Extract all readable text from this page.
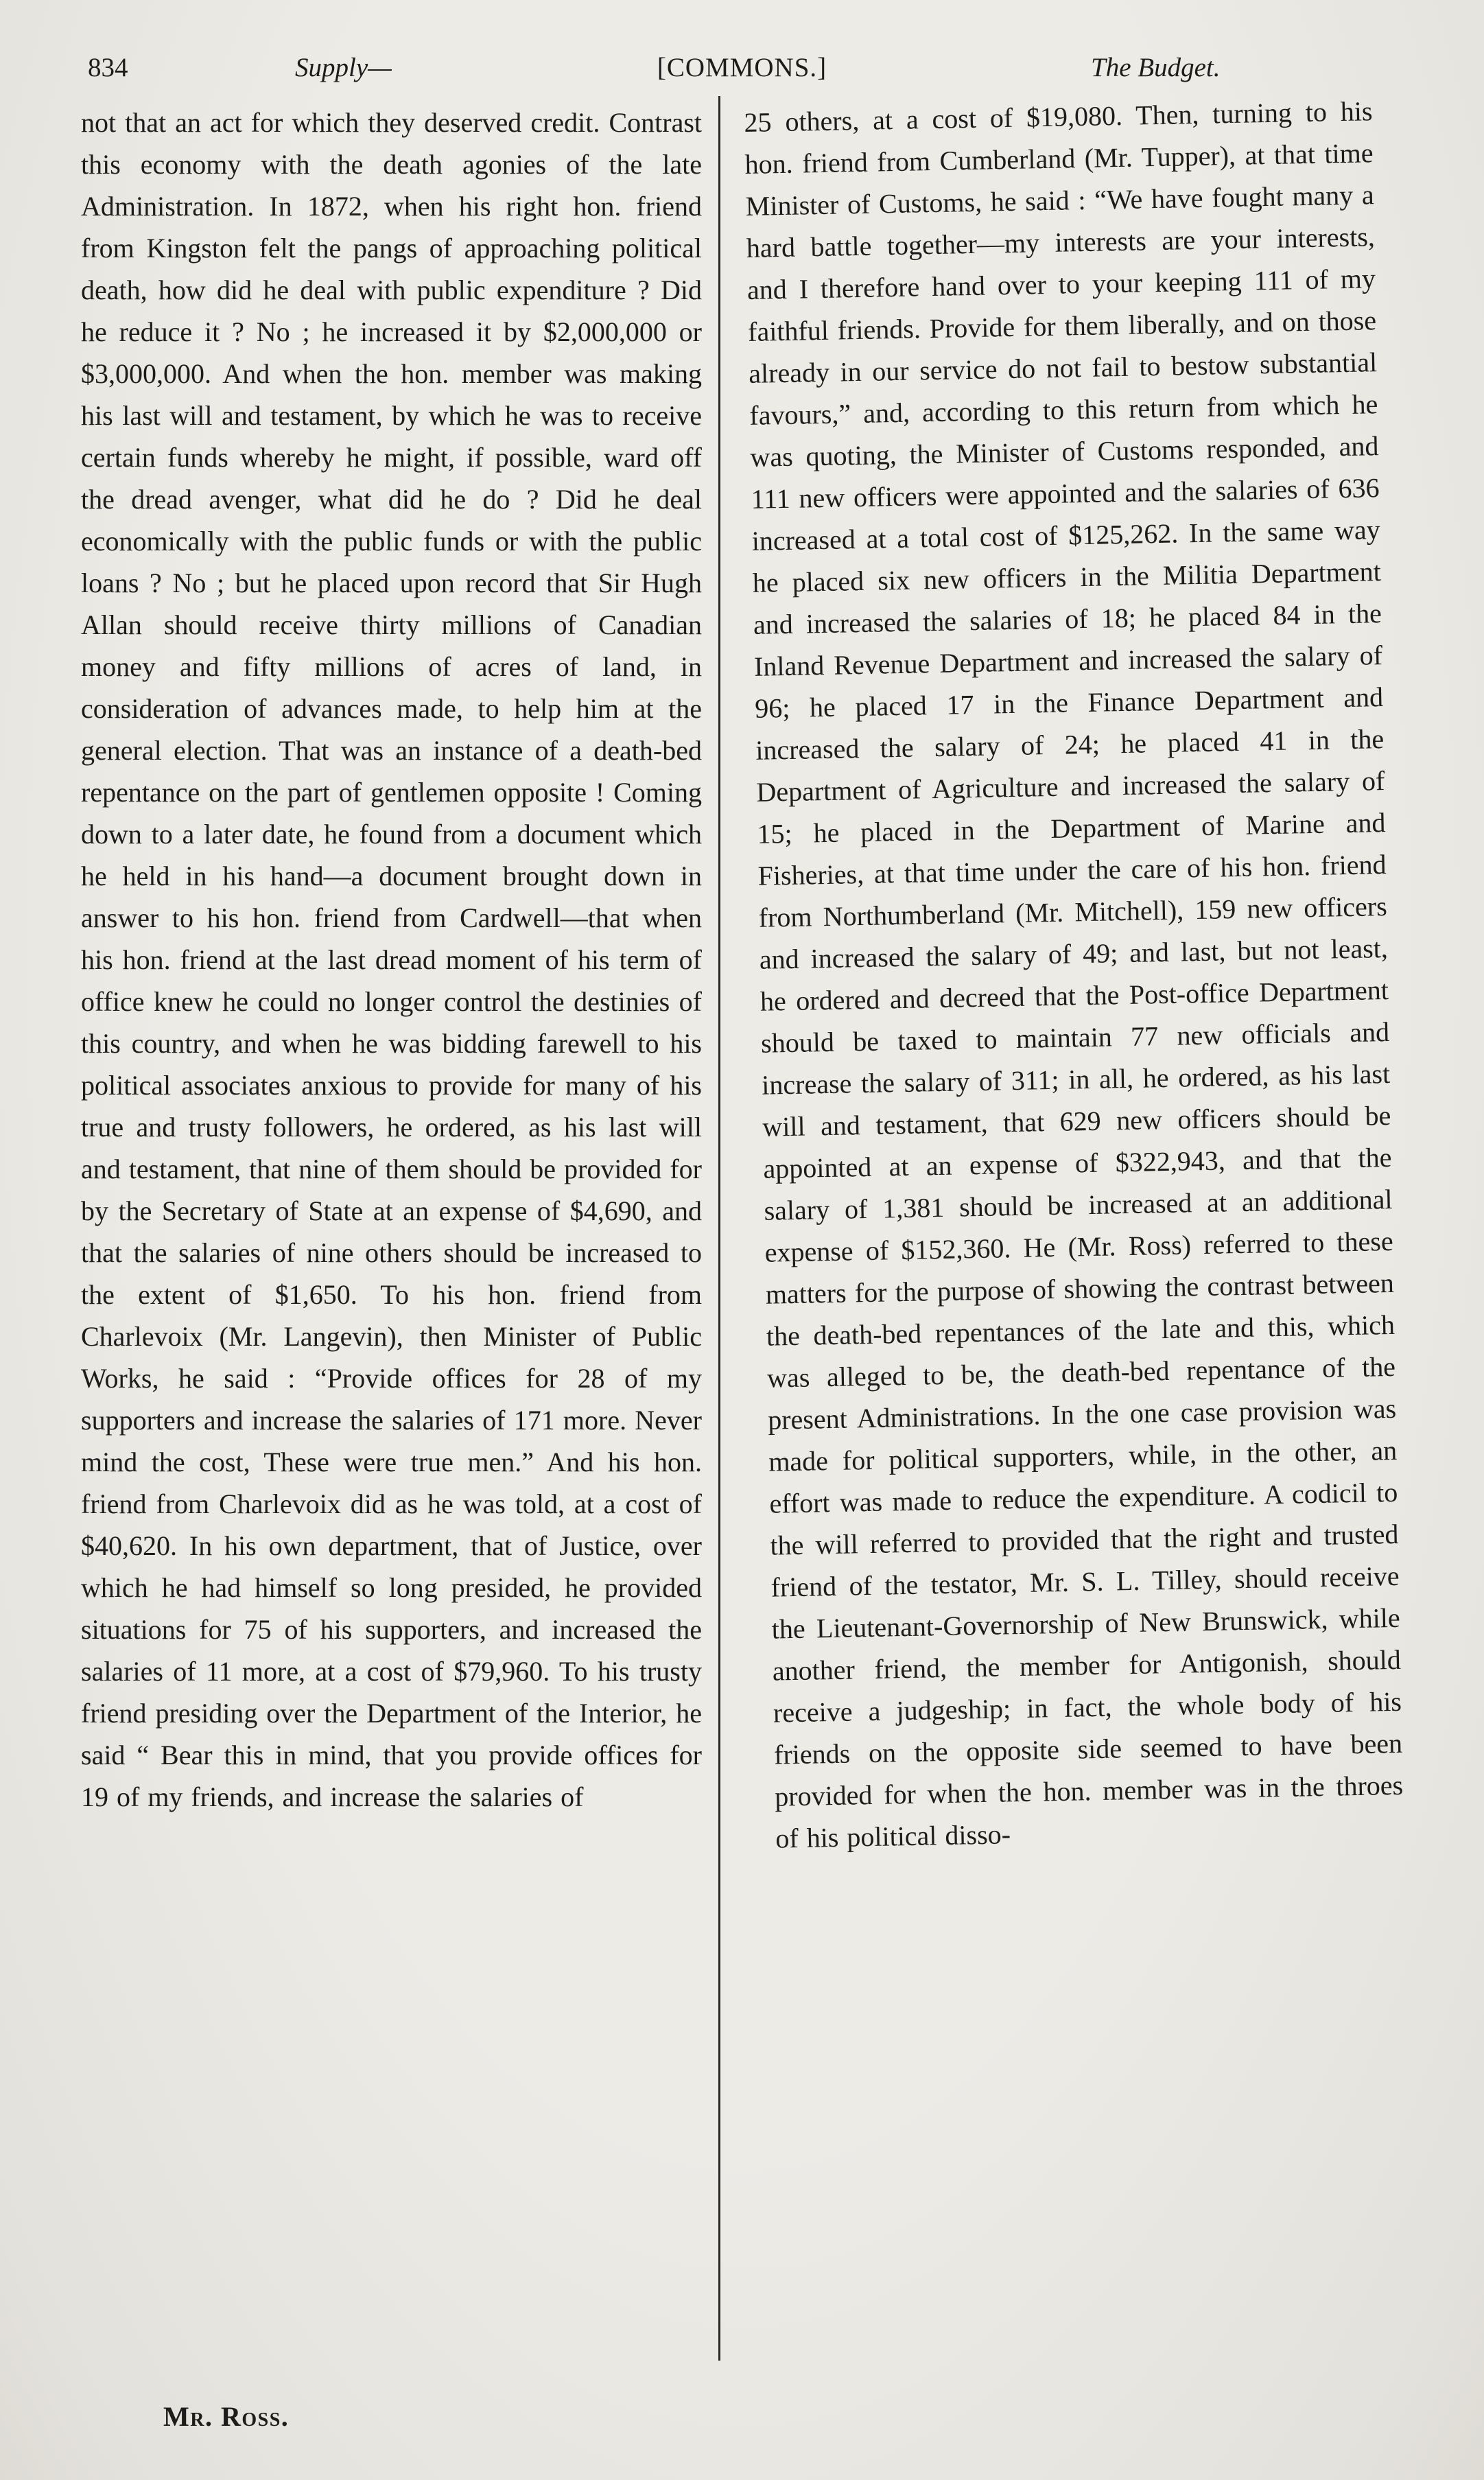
834	Supply—	[COMMONS.]	The Budget.
not that an act for which they deserved credit. Contrast this economy with the death agonies of the late Administration. In 1872, when his right hon. friend from Kingston felt the pangs of approaching political death, how did he deal with public expenditure ? Did he reduce it ? No ; he increased it by $2,000,000 or $3,000,000. And when the hon. member was making his last will and testament, by which he was to receive certain funds whereby he might, if possible, ward off the dread avenger, what did he do ? Did he deal economically with the public funds or with the public loans ? No ; but he placed upon record that Sir Hugh Allan should receive thirty millions of Canadian money and fifty millions of acres of land, in consideration of advances made, to help him at the general election. That was an instance of a death-bed repentance on the part of gentlemen opposite ! Coming down to a later date, he found from a document which he held in his hand—a document brought down in answer to his hon. friend from Cardwell—that when his hon. friend at the last dread moment of his term of office knew he could no longer control the destinies of this country, and when he was bidding farewell to his political associates anxious to provide for many of his true and trusty followers, he ordered, as his last will and testament, that nine of them should be provided for by the Secretary of State at an expense of $4,690, and that the salaries of nine others should be increased to the extent of $1,650. To his hon. friend from Charlevoix (Mr. Langevin), then Minister of Public Works, he said : “Provide offices for 28 of my supporters and increase the salaries of 171 more. Never mind the cost, These were true men.” And his hon. friend from Charlevoix did as he was told, at a cost of $40,620. In his own department, that of Justice, over which he had himself so long presided, he provided situations for 75 of his supporters, and increased the salaries of 11 more, at a cost of $79,960. To his trusty friend presiding over the Department of the Interior, he said “ Bear this in mind, that you provide offices for 19 of my friends, and increase the salaries of
25 others, at a cost of $19,080. Then, turning to his hon. friend from Cumberland (Mr. Tupper), at that time Minister of Customs, he said : “We have fought many a hard battle together—my interests are your interests, and I therefore hand over to your keeping 111 of my faithful friends. Provide for them liberally, and on those already in our service do not fail to bestow substantial favours,” and, according to this return from which he was quoting, the Minister of Customs responded, and 111 new officers were appointed and the salaries of 636 increased at a total cost of $125,262. In the same way he placed six new officers in the Militia Department and increased the salaries of 18; he placed 84 in the Inland Revenue Department and increased the salary of 96; he placed 17 in the Finance Department and increased the salary of 24; he placed 41 in the Department of Agriculture and increased the salary of 15; he placed in the Department of Marine and Fisheries, at that time under the care of his hon. friend from Northumberland (Mr. Mitchell), 159 new officers and increased the salary of 49; and last, but not least, he ordered and decreed that the Post-office Department should be taxed to maintain 77 new officials and increase the salary of 311; in all, he ordered, as his last will and testament, that 629 new officers should be appointed at an expense of $322,943, and that the salary of 1,381 should be increased at an additional expense of $152,360. He (Mr. Ross) referred to these matters for the purpose of showing the contrast between the death-bed repentances of the late and this, which was alleged to be, the death-bed repentance of the present Administrations. In the one case provision was made for political supporters, while, in the other, an effort was made to reduce the expenditure. A codicil to the will referred to provided that the right and trusted friend of the testator, Mr. S. L. Tilley, should receive the Lieutenant-Governorship of New Brunswick, while another friend, the member for Antigonish, should receive a judgeship; in fact, the whole body of his friends on the opposite side seemed to have been provided for when the hon. member was in the throes of his political disso-
Mr. Ross.
